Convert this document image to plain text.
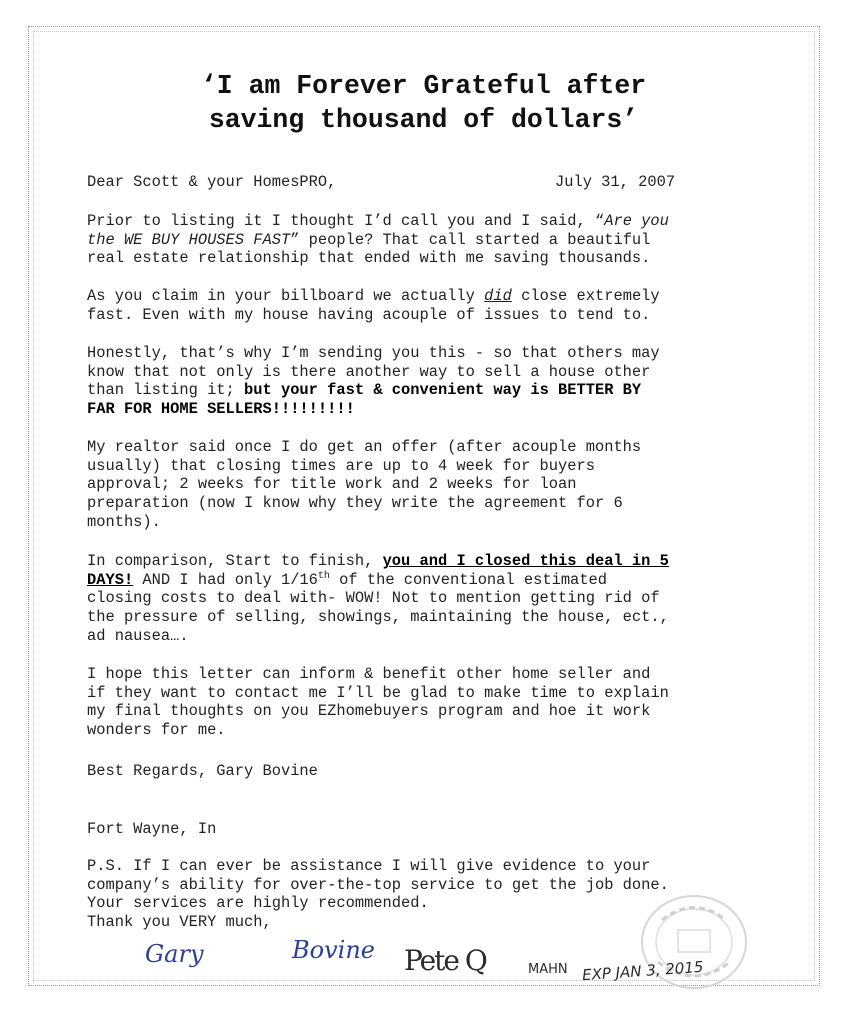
‘I am Forever Grateful after
saving thousand of dollars’
Dear Scott & your HomesPRO,	July 31, 2007
Prior to listing it I thought I’d call you and I said, “Are you
the WE BUY HOUSES FAST” people? That call started a beautiful
real estate relationship that ended with me saving thousands.
As you claim in your billboard we actually did close extremely
fast. Even with my house having acouple of issues to tend to.
Honestly, that’s why I’m sending you this - so that others may
know that not only is there another way to sell a house other
than listing it; but your fast & convenient way is BETTER BY
FAR FOR HOME SELLERS!!!!!!!!!
My realtor said once I do get an offer (after acouple months
usually) that closing times are up to 4 week for buyers
approval; 2 weeks for title work and 2 weeks for loan
preparation (now I know why they write the agreement for 6
months).
In comparison, Start to finish, you and I closed this deal in 5
DAYS! AND I had only 1/16th of the conventional estimated
closing costs to deal with- WOW! Not to mention getting rid of
the pressure of selling, showings, maintaining the house, ect.,
ad nausea….
I hope this letter can inform & benefit other home seller and
if they want to contact me I’ll be glad to make time to explain
my final thoughts on you EZhomebuyers program and hoe it work
wonders for me.
Best Regards, Gary Bovine
Fort Wayne, In
P.S. If I can ever be assistance I will give evidence to your
company’s ability for over-the-top service to get the job done.
Your services are highly recommended.
Thank you VERY much,
Gary	Bovine Pete Q	MAHN EXP JAN 3, 2015
